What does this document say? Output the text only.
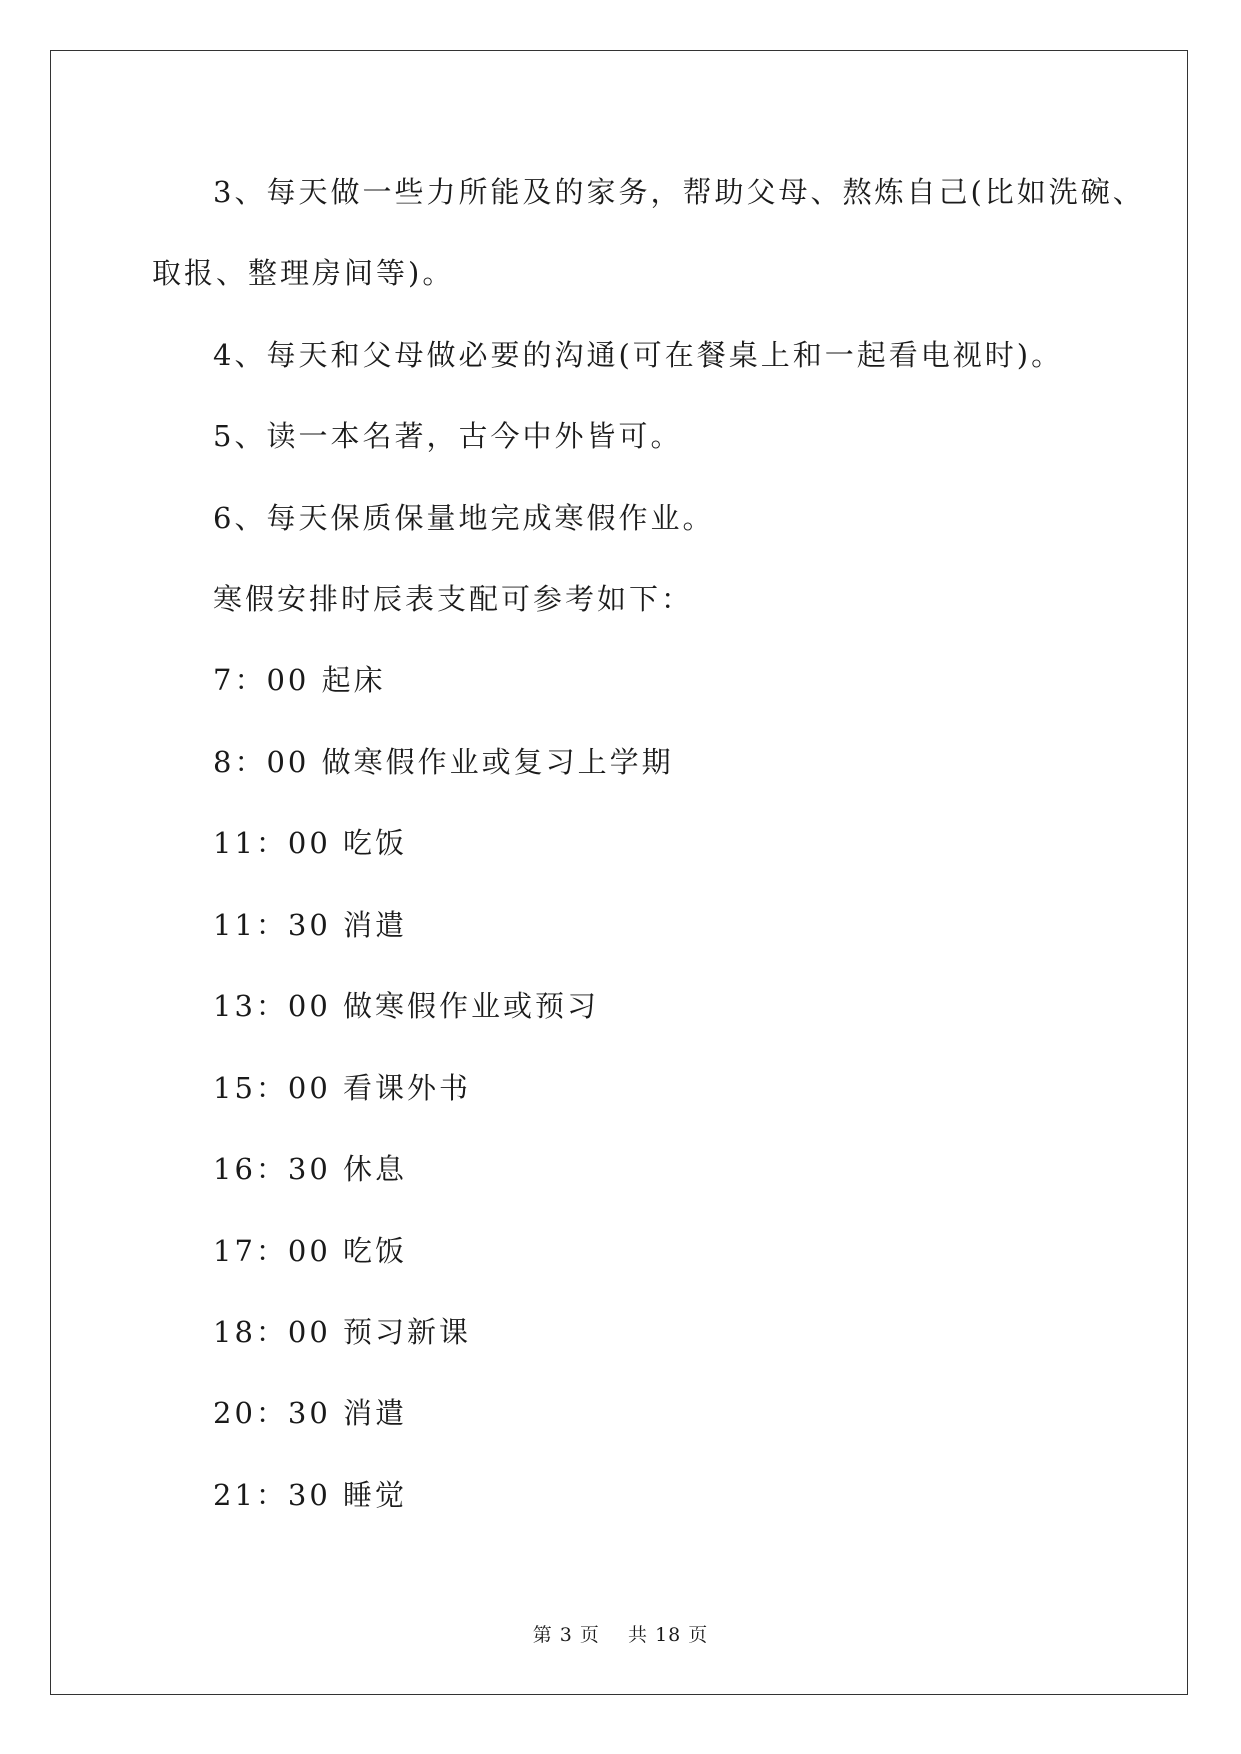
3、每天做一些力所能及的家务，帮助父母、熬炼自己(比如洗碗、
取报、整理房间等)。
4、每天和父母做必要的沟通(可在餐桌上和一起看电视时)。
5、读一本名著，古今中外皆可。
6、每天保质保量地完成寒假作业。
寒假安排时辰表支配可参考如下：
7：00 起床
8：00 做寒假作业或复习上学期
11：00 吃饭
11：30 消遣
13：00 做寒假作业或预习
15：00 看课外书
16：30 休息
17：00 吃饭
18：00 预习新课
20：30 消遣
21：30 睡觉
第 3 页    共 18 页
